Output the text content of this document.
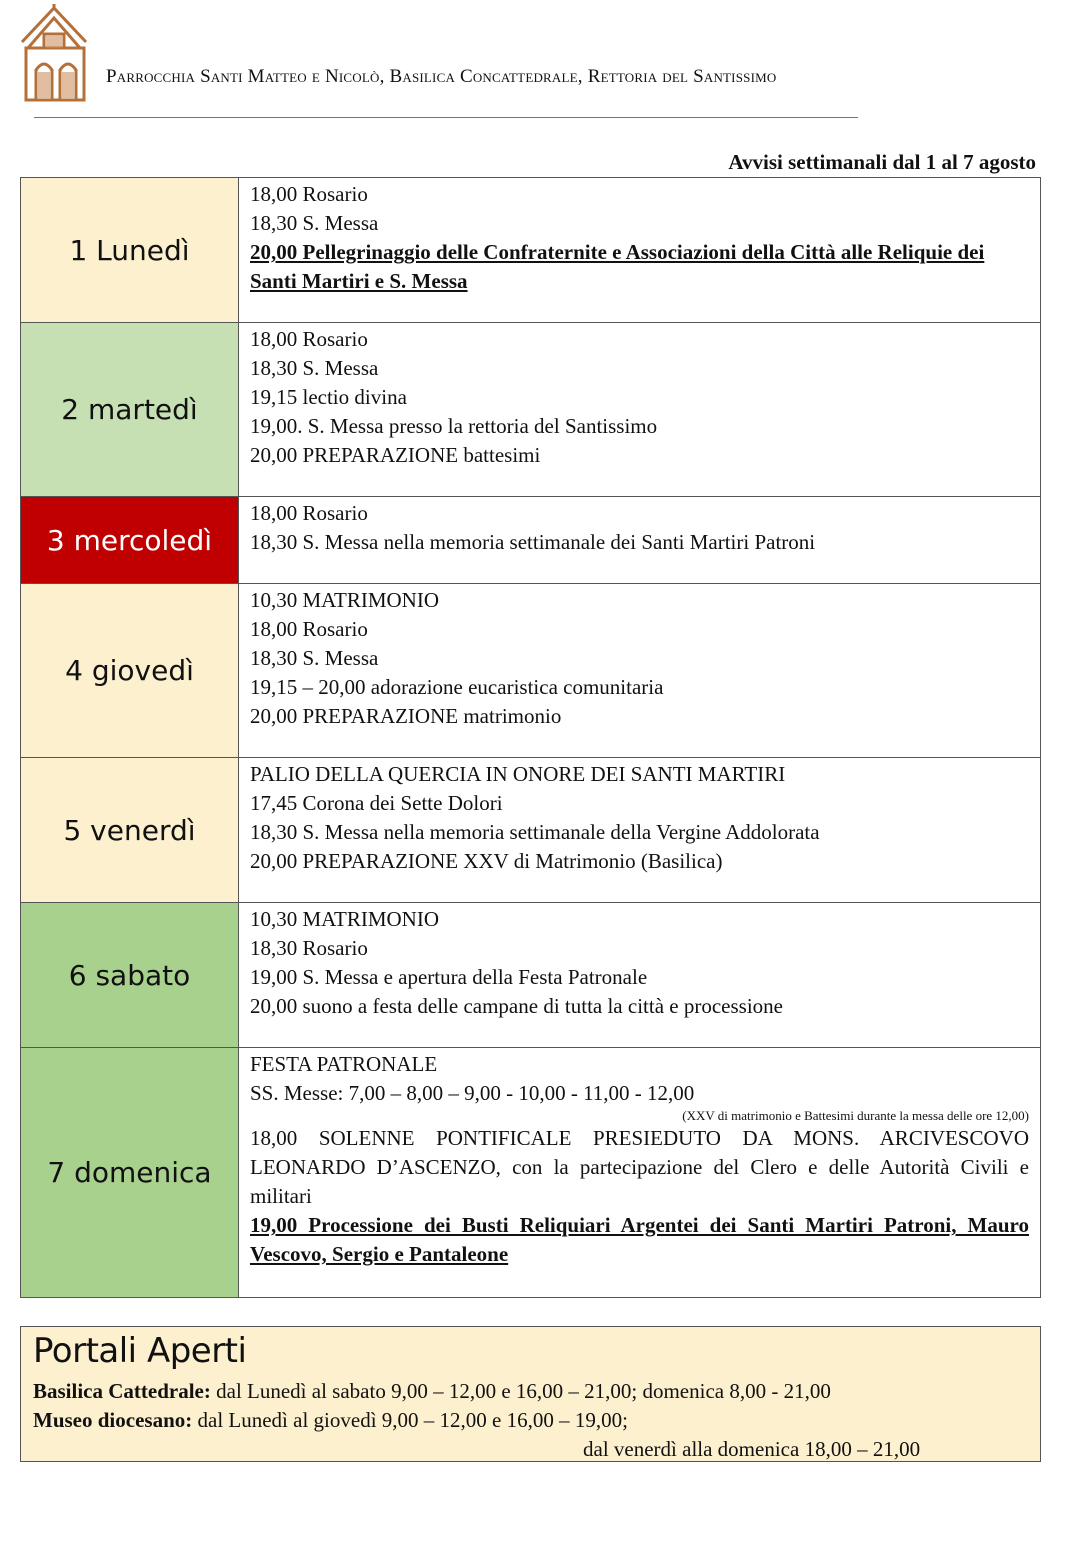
Parrocchia Santi Matteo e Nicolò, Basilica Concattedrale, Rettoria del Santissimo
Avvisi settimanali dal 1 al 7 agosto
1 Lunedì	18,00 Rosario
18,30 S. Messa
20,00 Pellegrinaggio delle Confraternite e Associazioni della Città alle Reliquie dei Santi Martiri e S. Messa

2 martedì	18,00 Rosario
18,30 S. Messa
19,15 lectio divina
19,00. S. Messa presso la rettoria del Santissimo
20,00 PREPARAZIONE battesimi

3 mercoledì	18,00 Rosario
18,30 S. Messa nella memoria settimanale dei Santi Martiri Patroni

4 giovedì	10,30 MATRIMONIO
18,00 Rosario
18,30 S. Messa
19,15 – 20,00 adorazione eucaristica comunitaria
20,00 PREPARAZIONE matrimonio

5 venerdì	PALIO DELLA QUERCIA IN ONORE DEI SANTI MARTIRI
17,45 Corona dei Sette Dolori
18,30 S. Messa nella memoria settimanale della Vergine Addolorata
20,00 PREPARAZIONE XXV di Matrimonio (Basilica)

6 sabato	10,30 MATRIMONIO
18,30 Rosario
19,00 S. Messa e apertura della Festa Patronale
20,00 suono a festa delle campane di tutta la città e processione

7 domenica	FESTA PATRONALE
SS. Messe: 7,00 – 8,00 – 9,00 - 10,00 - 11,00 - 12,00
(XXV di matrimonio e Battesimi durante la messa delle ore 12,00)
18,00 SOLENNE PONTIFICALE PRESIEDUTO DA MONS. ARCIVESCOVO LEONARDO D’ASCENZO, con la partecipazione del Clero e delle Autorità Civili e militari
19,00 Processione dei Busti Reliquiari Argentei dei Santi Martiri Patroni, Mauro Vescovo, Sergio e Pantaleone
Portali Aperti
Basilica Cattedrale: dal Lunedì al sabato 9,00 – 12,00 e 16,00 – 21,00; domenica 8,00 - 21,00
Museo diocesano: dal Lunedì al giovedì 9,00 – 12,00 e 16,00 – 19,00;
dal venerdì alla domenica 18,00 – 21,00
